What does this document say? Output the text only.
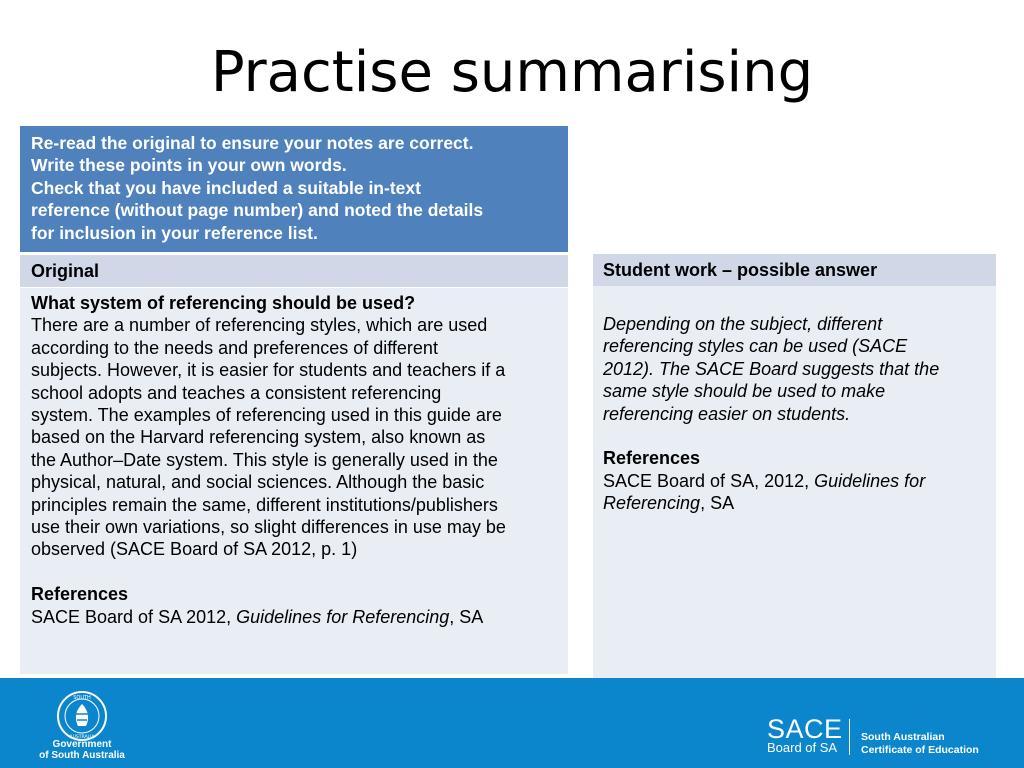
Practise summarising
Re-read the original to ensure your notes are correct.
Write these points in your own words.
Check that you have included a suitable in-text
reference (without page number) and noted the details
for inclusion in your reference list.
Original
What system of referencing should be used?
There are a number of referencing styles, which are used
according to the needs and preferences of different
subjects. However, it is easier for students and teachers if a
school adopts and teaches a consistent referencing
system. The examples of referencing used in this guide are
based on the Harvard referencing system, also known as
the Author–Date system. This style is generally used in the
physical, natural, and social sciences. Although the basic
principles remain the same, different institutions/publishers
use their own variations, so slight differences in use may be
observed (SACE Board of SA 2012, p. 1)
References
SACE Board of SA 2012, Guidelines for Referencing, SA
Student work – possible answer
Depending on the subject, different
referencing styles can be used (SACE
2012). The SACE Board suggests that the
same style should be used to make
referencing easier on students.
References
SACE Board of SA, 2012, Guidelines for
Referencing, SA
SOUTH
AUSTRALIA
Government
of South Australia
SACE
Board of SA
South Australian
Certificate of Education
